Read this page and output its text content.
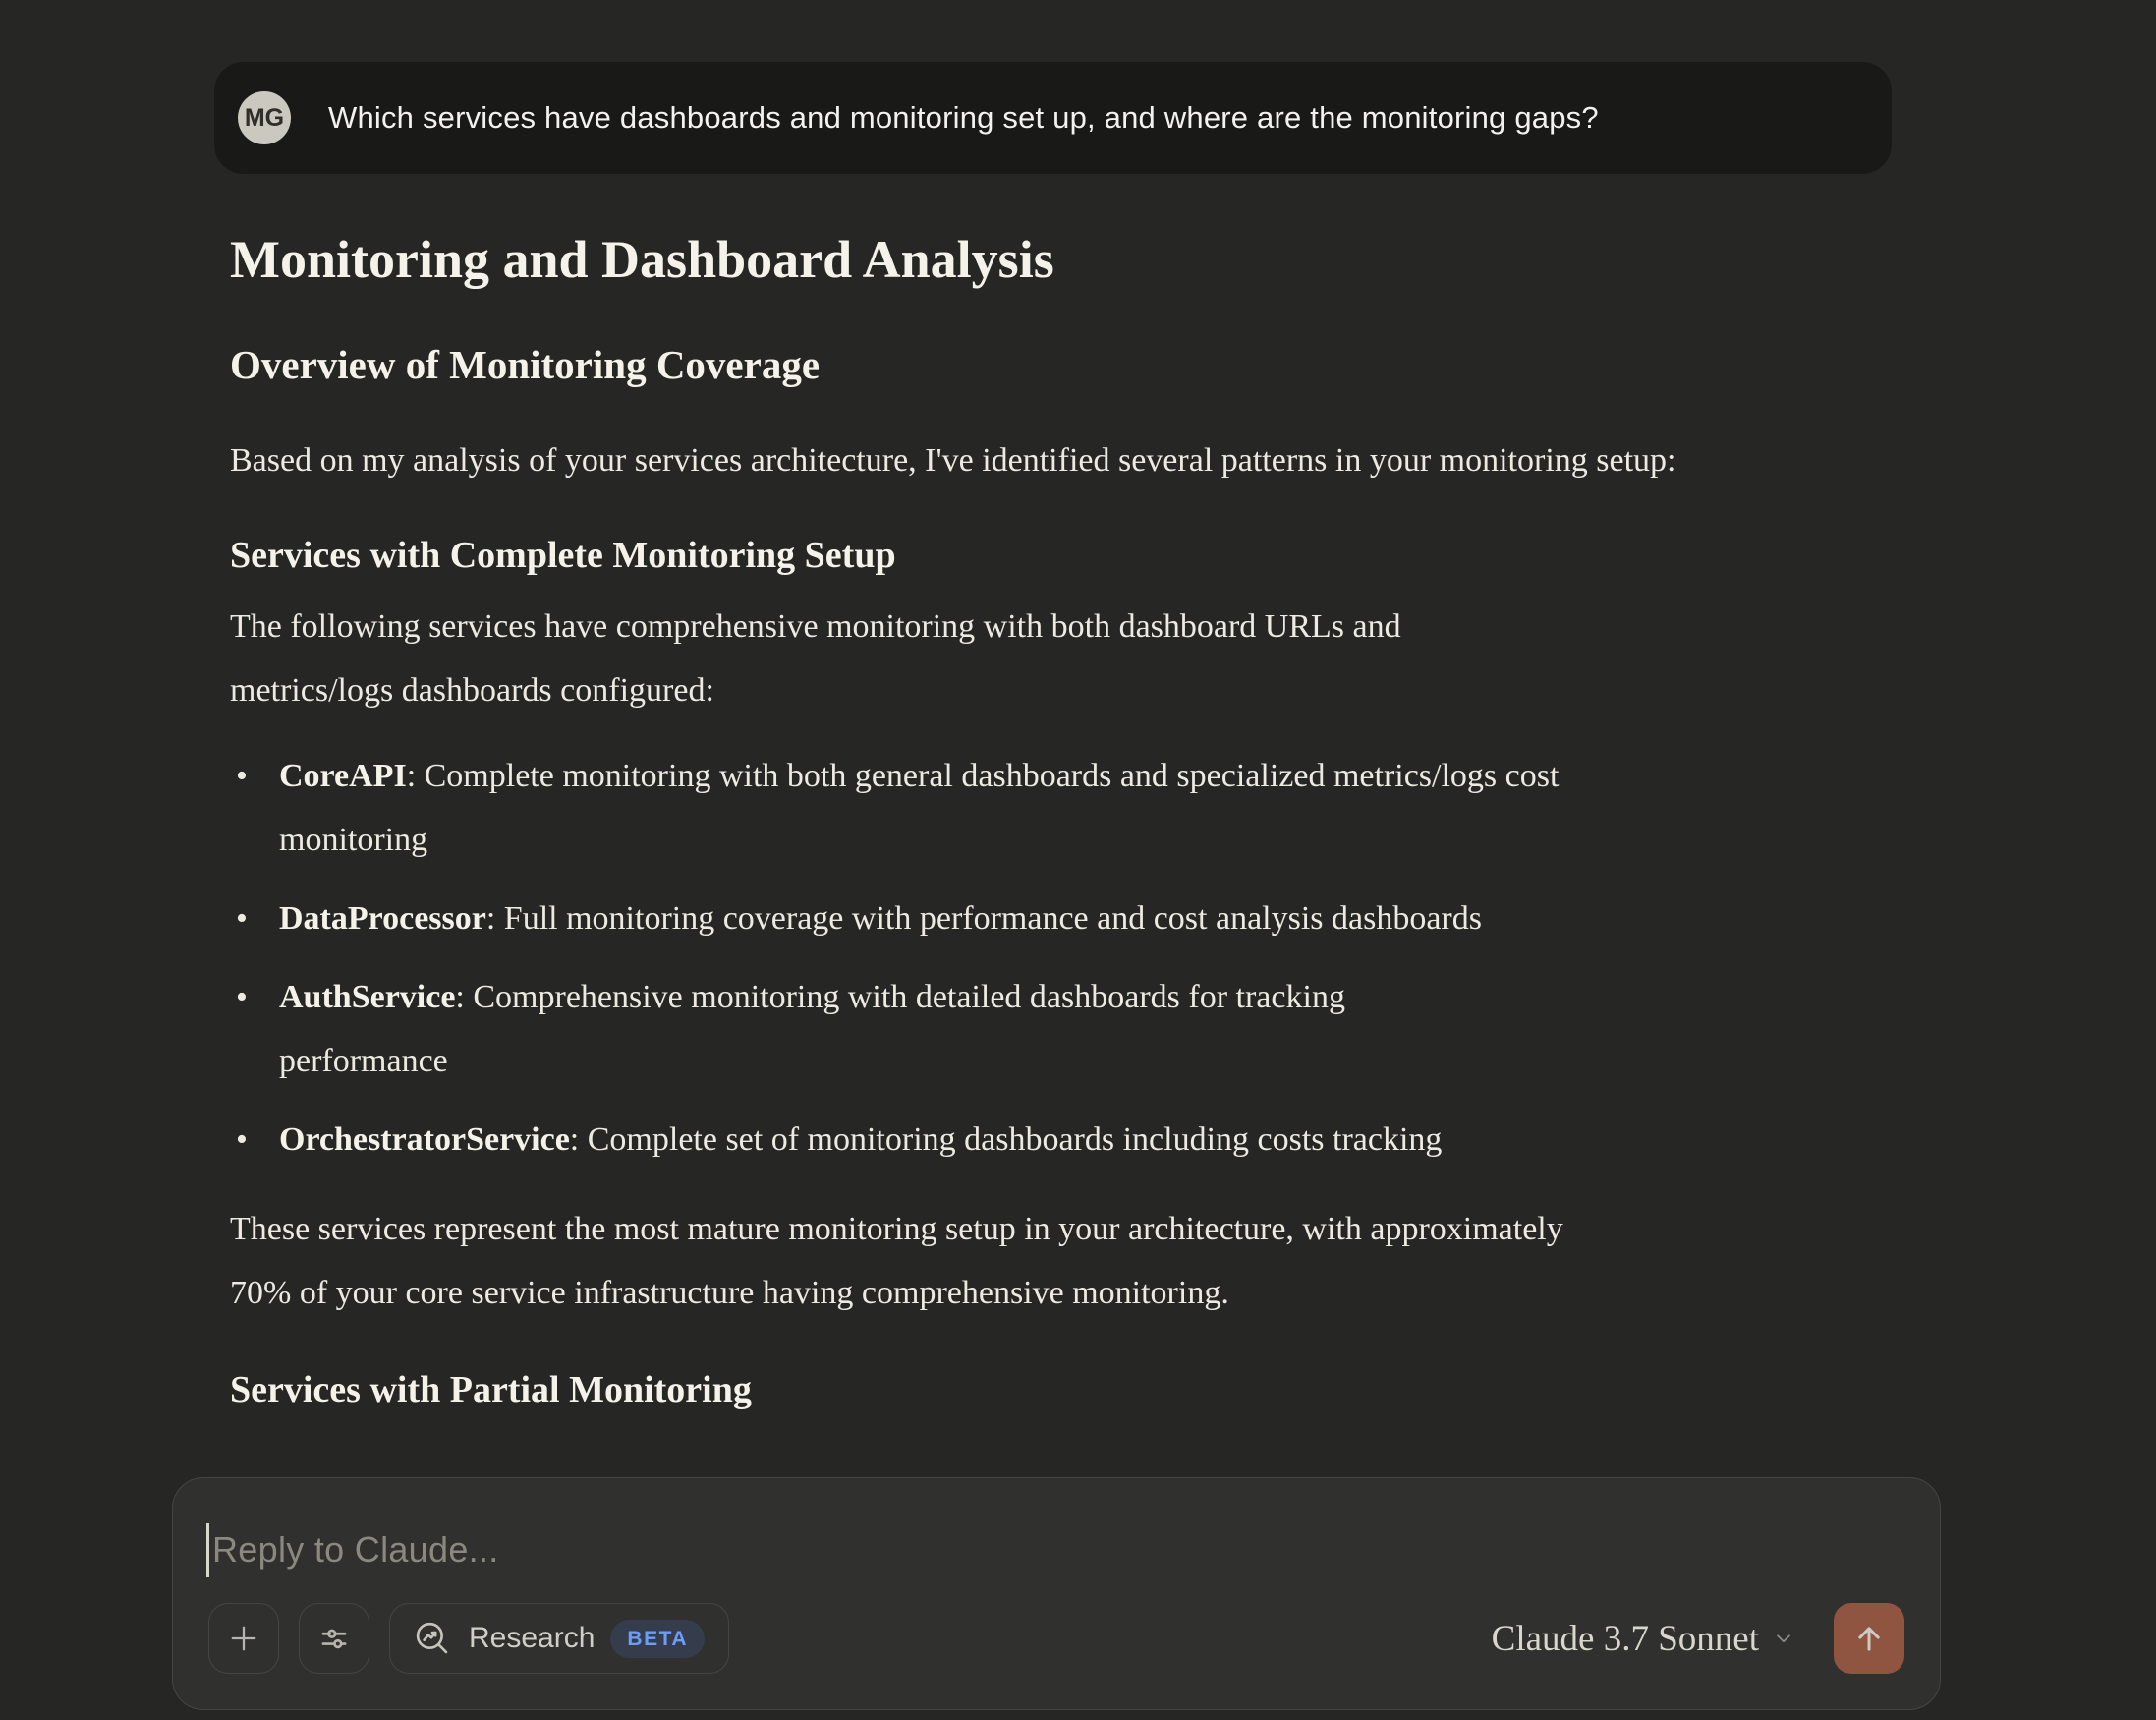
MG Which services have dashboards and monitoring set up, and where are the monitoring gaps?
Monitoring and Dashboard Analysis
Overview of Monitoring Coverage

Based on my analysis of your services architecture, I've identified several patterns in your monitoring setup:

Services with Complete Monitoring Setup

The following services have comprehensive monitoring with both dashboard URLs and metrics/logs dashboards configured:

• CoreAPI: Complete monitoring with both general dashboards and specialized metrics/logs cost monitoring
• DataProcessor: Full monitoring coverage with performance and cost analysis dashboards
• AuthService: Comprehensive monitoring with detailed dashboards for tracking performance
• OrchestratorService: Complete set of monitoring dashboards including costs tracking

These services represent the most mature monitoring setup in your architecture, with approximately 70% of your core service infrastructure having comprehensive monitoring.

Services with Partial Monitoring
Reply to Claude...
Research	BETA	Claude 3.7 Sonnet
